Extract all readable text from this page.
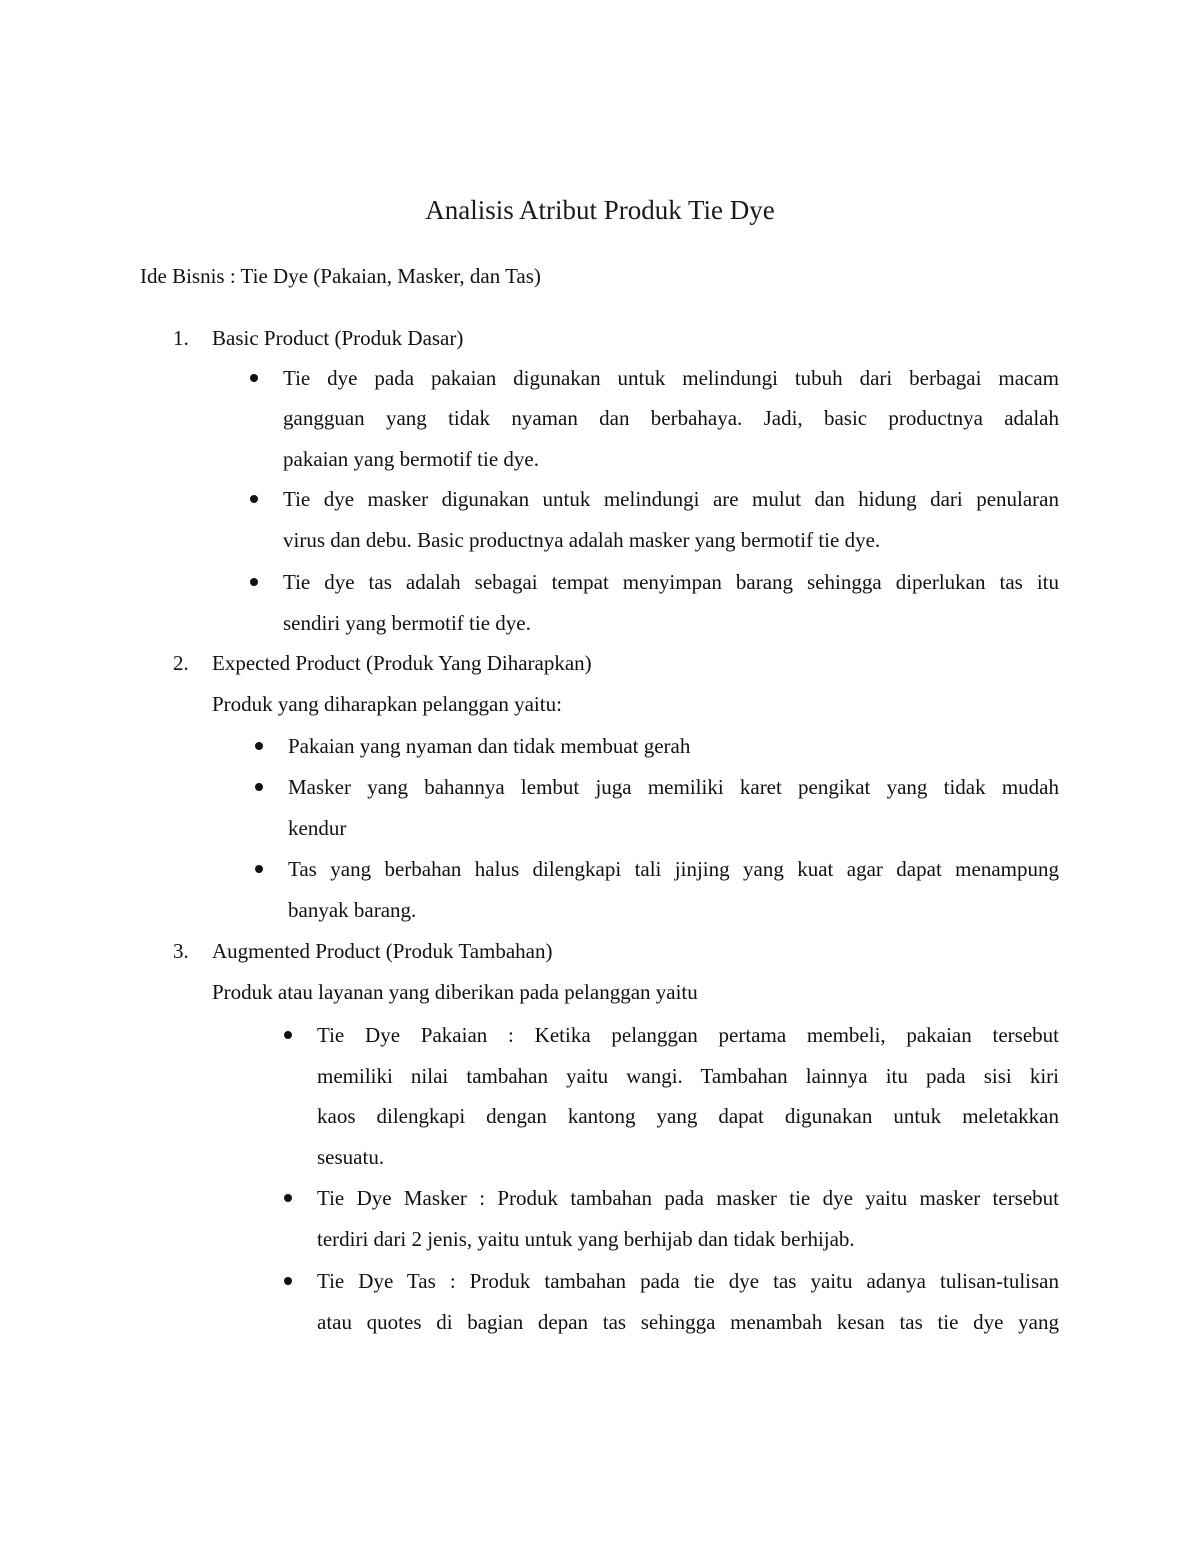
Analisis Atribut Produk Tie Dye
Ide Bisnis : Tie Dye (Pakaian, Masker, dan Tas)
1. Basic Product (Produk Dasar)
Tie dye pada pakaian digunakan untuk melindungi tubuh dari berbagai macam
gangguan yang tidak nyaman dan berbahaya. Jadi, basic productnya adalah
pakaian yang bermotif tie dye.
Tie dye masker digunakan untuk melindungi are mulut dan hidung dari penularan
virus dan debu. Basic productnya adalah masker yang bermotif tie dye.
Tie dye tas adalah sebagai tempat menyimpan barang sehingga diperlukan tas itu
sendiri yang bermotif tie dye.
2. Expected Product (Produk Yang Diharapkan)
Produk yang diharapkan pelanggan yaitu:
Pakaian yang nyaman dan tidak membuat gerah
Masker yang bahannya lembut juga memiliki karet pengikat yang tidak mudah
kendur
Tas yang berbahan halus dilengkapi tali jinjing yang kuat agar dapat menampung
banyak barang.
3. Augmented Product (Produk Tambahan)
Produk atau layanan yang diberikan pada pelanggan yaitu
Tie Dye Pakaian : Ketika pelanggan pertama membeli, pakaian tersebut
memiliki nilai tambahan yaitu wangi. Tambahan lainnya itu pada sisi kiri
kaos dilengkapi dengan kantong yang dapat digunakan untuk meletakkan
sesuatu.
Tie Dye Masker : Produk tambahan pada masker tie dye yaitu masker tersebut
terdiri dari 2 jenis, yaitu untuk yang berhijab dan tidak berhijab.
Tie Dye Tas : Produk tambahan pada tie dye tas yaitu adanya tulisan-tulisan
atau quotes di bagian depan tas sehingga menambah kesan tas tie dye yang
